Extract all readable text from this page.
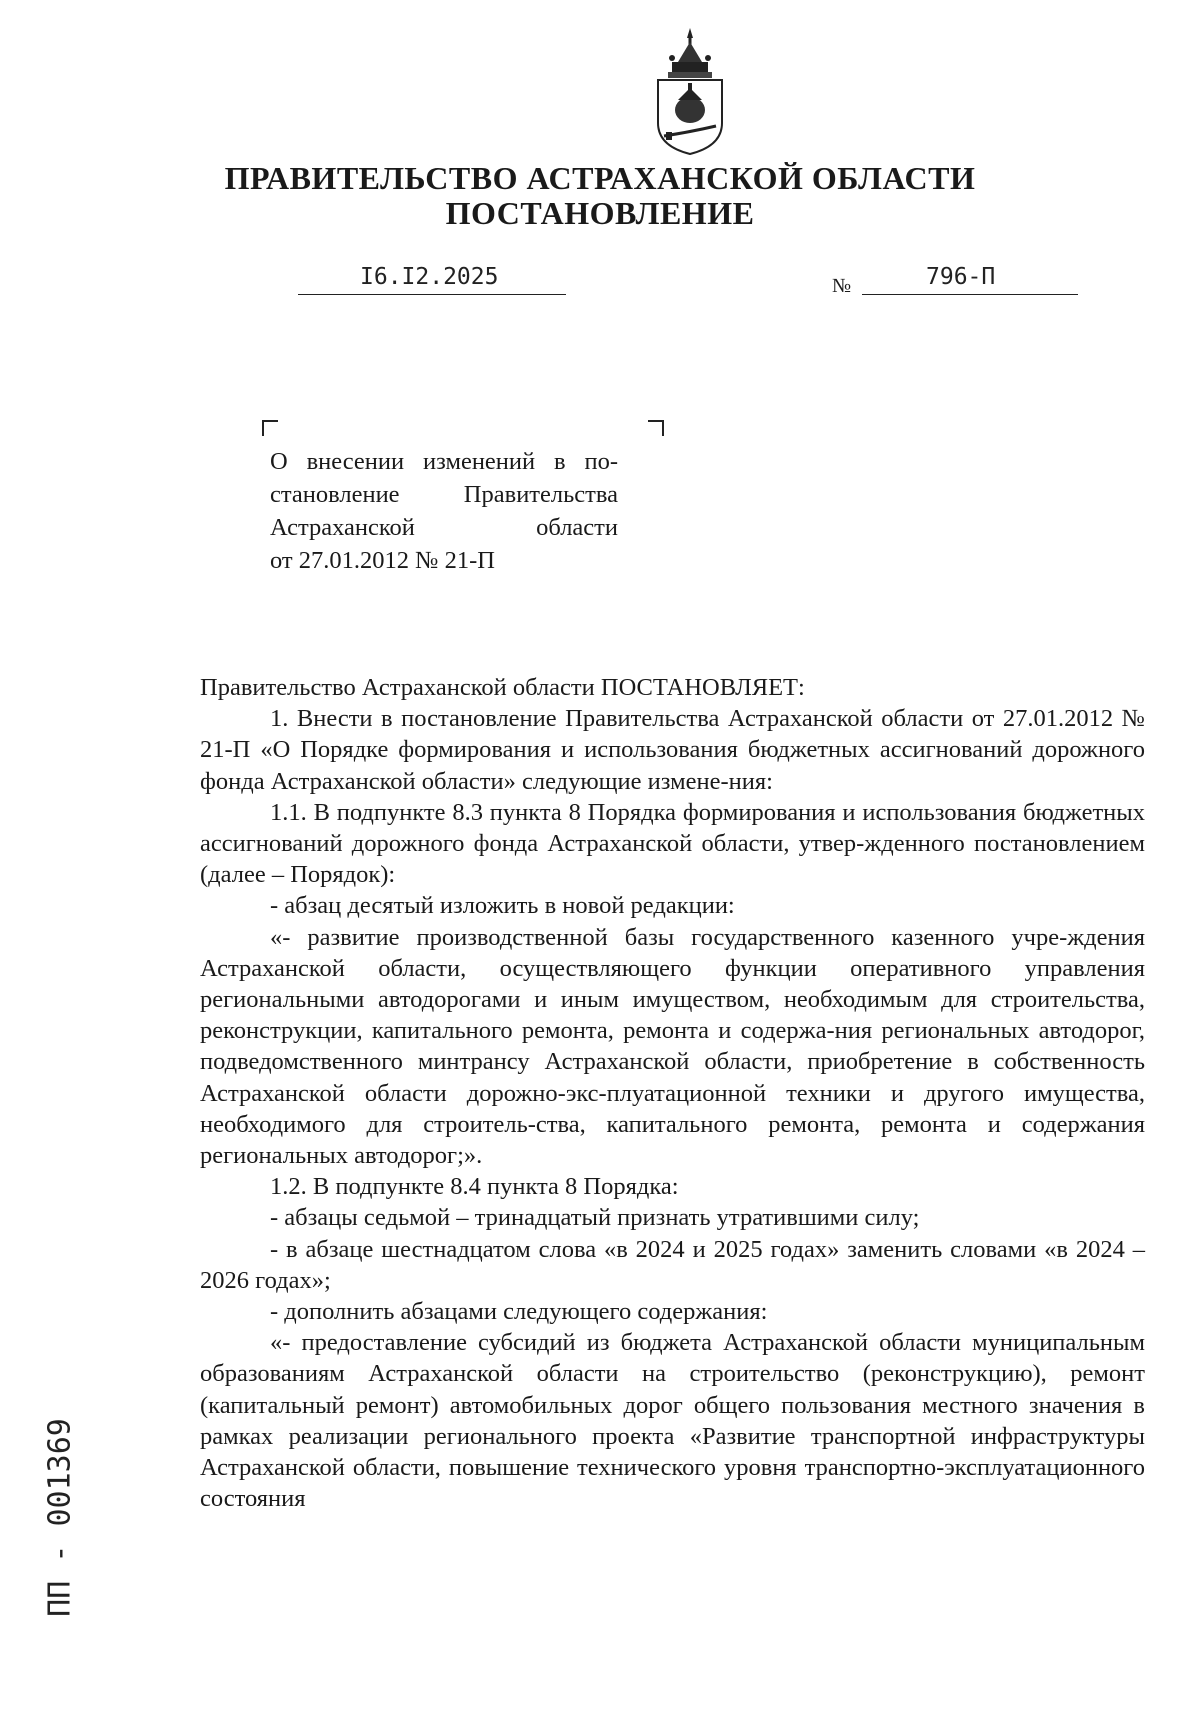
ПРАВИТЕЛЬСТВО АСТРАХАНСКОЙ ОБЛАСТИ
ПОСТАНОВЛЕНИЕ
I6.I2.2025	№	796-П
О внесении изменений в по-
становление Правительства
Астраханской области
от 27.01.2012 № 21-П

Правительство Астраханской области ПОСТАНОВЛЯЕТ:

1. Внести в постановление Правительства Астраханской области от 27.01.2012 № 21-П «О Порядке формирования и использования бюджетных ассигнований дорожного фонда Астраханской области» следующие измене-ния:

1.1. В подпункте 8.3 пункта 8 Порядка формирования и использования бюджетных ассигнований дорожного фонда Астраханской области, утвер-жденного постановлением (далее – Порядок):

- абзац десятый изложить в новой редакции:

«- развитие производственной базы государственного казенного учре-ждения Астраханской области, осуществляющего функции оперативного управления региональными автодорогами и иным имуществом, необходимым для строительства, реконструкции, капитального ремонта, ремонта и содержа-ния региональных автодорог, подведомственного минтрансу Астраханской области, приобретение в собственность Астраханской области дорожно-экс-плуатационной техники и другого имущества, необходимого для строитель-ства, капитального ремонта, ремонта и содержания региональных автодорог;».

1.2. В подпункте 8.4 пункта 8 Порядка:

- абзацы седьмой – тринадцатый признать утратившими силу;

- в абзаце шестнадцатом слова «в 2024 и 2025 годах» заменить словами «в 2024 – 2026 годах»;

- дополнить абзацами следующего содержания:

«- предоставление субсидий из бюджета Астраханской области муниципальным образованиям Астраханской области на строительство (реконструкцию), ремонт (капитальный ремонт) автомобильных дорог общего пользования местного значения в рамках реализации регионального проекта «Развитие транспортной инфраструктуры Астраханской области, повышение технического уровня транспортно-эксплуатационного состояния

ПП - 001369
